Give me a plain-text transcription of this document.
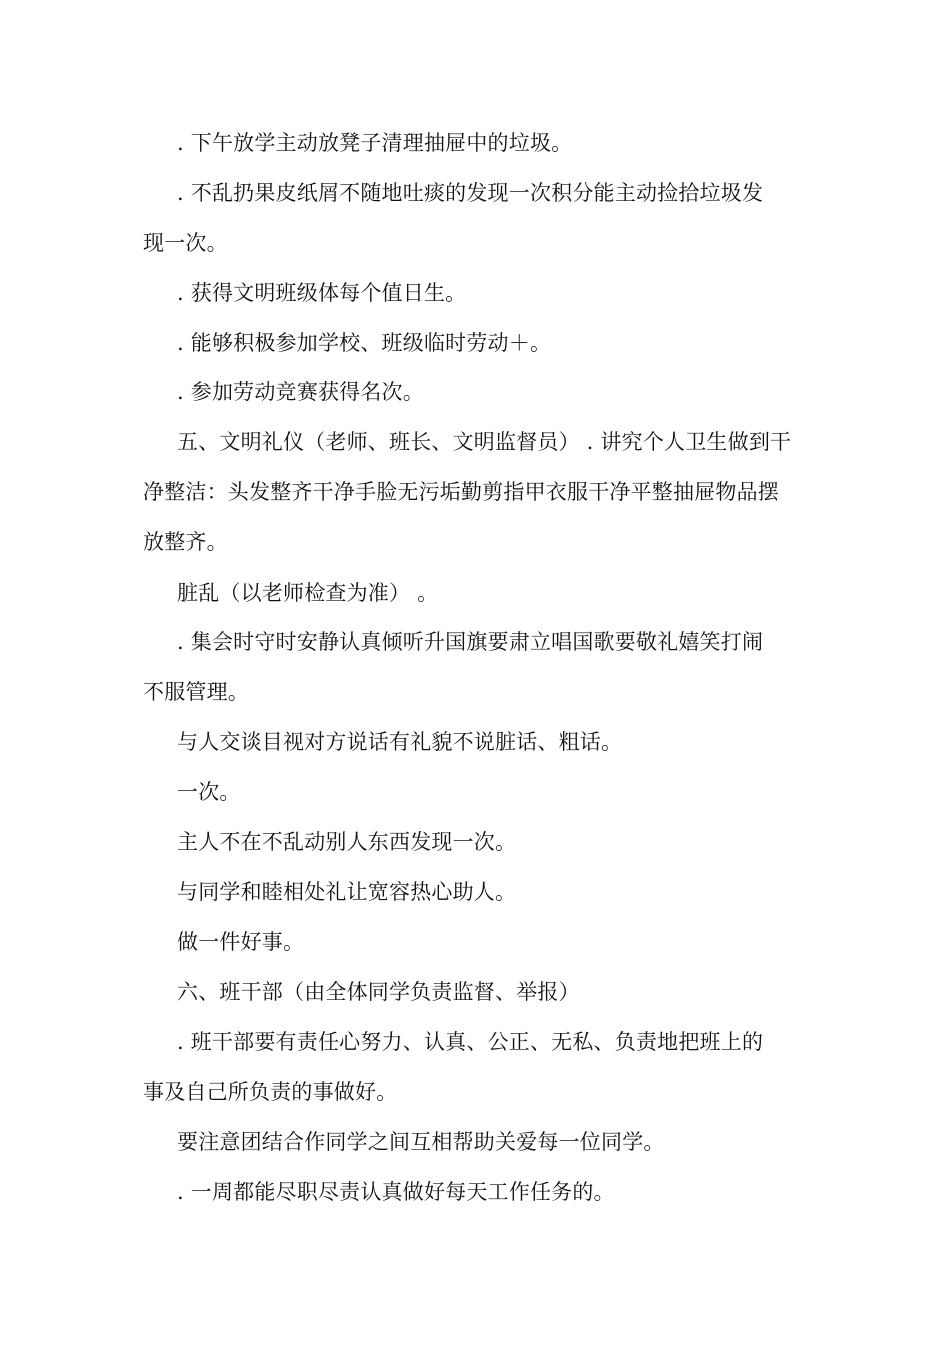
. 下午放学主动放凳子清理抽屉中的垃圾。

. 不乱扔果皮纸屑不随地吐痰的发现一次积分能主动捡拾垃圾发

现一次。

. 获得文明班级体每个值日生。

. 能够积极参加学校、班级临时劳动＋。

. 参加劳动竞赛获得名次。

五、文明礼仪（老师、班长、文明监督员） . 讲究个人卫生做到干

净整洁：头发整齐干净手脸无污垢勤剪指甲衣服干净平整抽屉物品摆

放整齐。

脏乱（以老师检查为准） 。

. 集会时守时安静认真倾听升国旗要肃立唱国歌要敬礼嬉笑打闹

不服管理。

与人交谈目视对方说话有礼貌不说脏话、粗话。

一次。

主人不在不乱动别人东西发现一次。

与同学和睦相处礼让宽容热心助人。

做一件好事。

六、班干部（由全体同学负责监督、举报）

. 班干部要有责任心努力、认真、公正、无私、负责地把班上的

事及自己所负责的事做好。

要注意团结合作同学之间互相帮助关爱每一位同学。

. 一周都能尽职尽责认真做好每天工作任务的。
